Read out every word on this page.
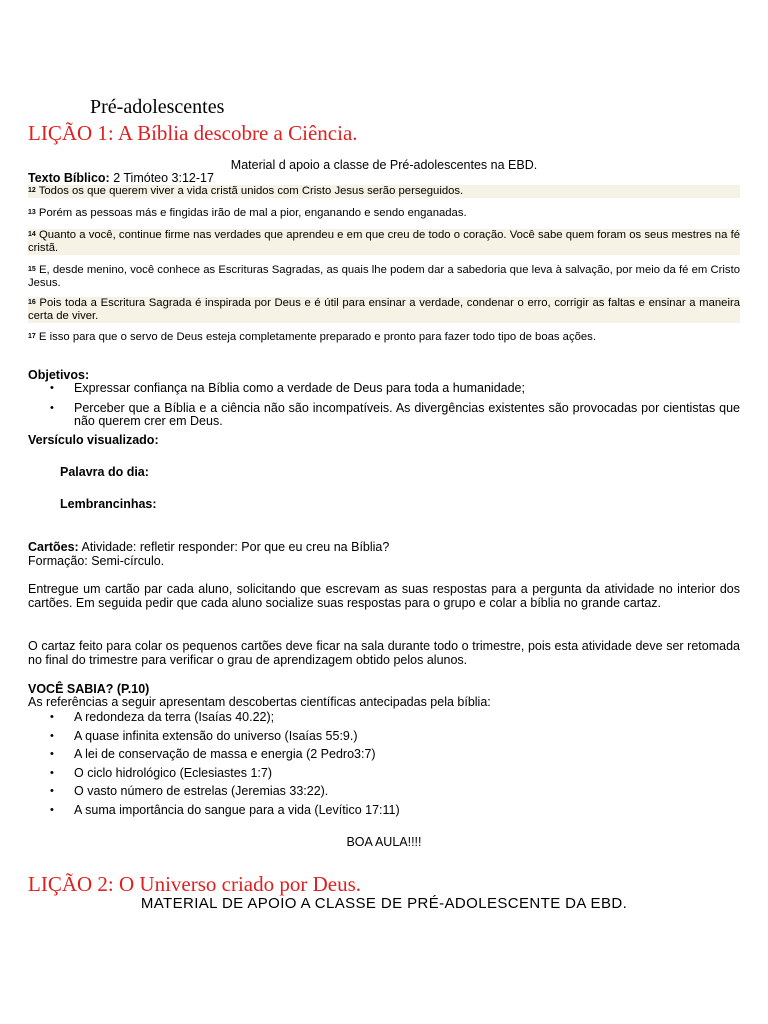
Pré-adolescentes
LIÇÃO 1: A Bíblia descobre a Ciência.
Material d apoio a classe de Pré-adolescentes na EBD.
Texto Bíblico: 2 Timóteo 3:12-17
$^{12}$ Todos os que querem viver a vida cristã unidos com Cristo Jesus serão perseguidos.
$^{13}$ Porém as pessoas más e fingidas irão de mal a pior, enganando e sendo enganadas.
$^{14}$ Quanto a você, continue firme nas verdades que aprendeu e em que creu de todo o coração. Você sabe quem foram os seus mestres na fé cristã.
$^{15}$ E, desde menino, você conhece as Escrituras Sagradas, as quais lhe podem dar a sabedoria que leva à salvação, por meio da fé em Cristo Jesus.
$^{16}$ Pois toda a Escritura Sagrada é inspirada por Deus e é útil para ensinar a verdade, condenar o erro, corrigir as faltas e ensinar a maneira certa de viver.
$^{17}$ E isso para que o servo de Deus esteja completamente preparado e pronto para fazer todo tipo de boas ações.
Objetivos:
• Expressar confiança na Bíblia como a verdade de Deus para toda a humanidade;
• Perceber que a Bíblia e a ciência não são incompatíveis. As divergências existentes são provocadas por cientistas que não querem crer em Deus.
Versículo visualizado:
Palavra do dia:
Lembrancinhas:
Cartões: Atividade: refletir responder: Por que eu creu na Bíblia?
Formação: Semi-círculo.
Entregue um cartão par cada aluno, solicitando que escrevam as suas respostas para a pergunta da atividade no interior dos cartões. Em seguida pedir que cada aluno socialize suas respostas para o grupo e colar a bíblia no grande cartaz.
O cartaz feito para colar os pequenos cartões deve ficar na sala durante todo o trimestre, pois esta atividade deve ser retomada no final do trimestre para verificar o grau de aprendizagem obtido pelos alunos.
VOCÊ SABIA? (P.10)
As referências a seguir apresentam descobertas científicas antecipadas pela bíblia:
• A redondeza da terra (Isaías 40.22);
• A quase infinita extensão do universo (Isaías 55:9.)
• A lei de conservação de massa e energia (2 Pedro3:7)
• O ciclo hidrológico (Eclesiastes 1:7)
• O vasto número de estrelas (Jeremias 33:22).
• A suma importância do sangue para a vida (Levítico 17:11)
BOA AULA!!!!
LIÇÃO 2: O Universo criado por Deus.
MATERIAL DE APOIO A CLASSE DE PRÉ-ADOLESCENTE DA EBD.
